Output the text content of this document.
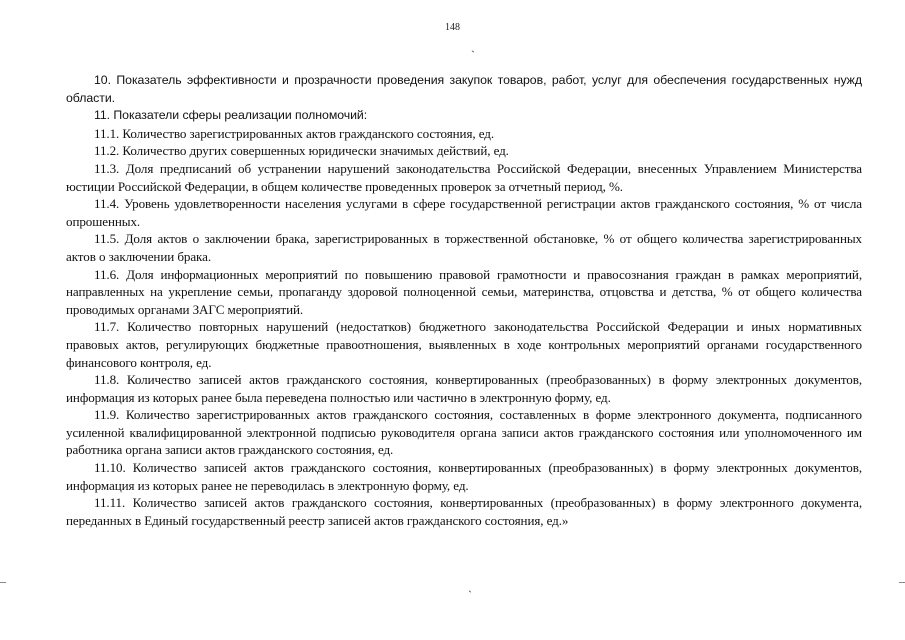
148
`

10. Показатель эффективности и прозрачности проведения закупок товаров, работ, услуг для обеспечения государственных нужд области.

11. Показатели сферы реализации полномочий:

11.1. Количество зарегистрированных актов гражданского состояния, ед.

11.2. Количество других совершенных юридически значимых действий, ед.

11.3. Доля предписаний об устранении нарушений законодательства Российской Федерации, внесенных Управлением Министерства юстиции Российской Федерации, в общем количестве проведенных проверок за отчетный период, %.

11.4. Уровень удовлетворенности населения услугами в сфере государственной регистрации актов гражданского состояния, % от числа опрошенных.

11.5. Доля актов о заключении брака, зарегистрированных в торжественной обстановке, % от общего количества зарегистрированных актов о заключении брака.

11.6. Доля информационных мероприятий по повышению правовой грамотности и правосознания граждан в рамках мероприятий, направленных на укрепление семьи, пропаганду здоровой полноценной семьи, материнства, отцовства и детства, % от общего количества проводимых органами ЗАГС мероприятий.

11.7. Количество повторных нарушений (недостатков) бюджетного законодательства Российской Федерации и иных нормативных правовых актов, регулирующих бюджетные правоотношения, выявленных в ходе контрольных мероприятий органами государственного финансового контроля, ед.

11.8. Количество записей актов гражданского состояния, конвертированных (преобразованных) в форму электронных документов, информация из которых ранее была переведена полностью или частично в электронную форму, ед.

11.9. Количество зарегистрированных актов гражданского состояния, составленных в форме электронного документа, подписанного усиленной квалифицированной электронной подписью руководителя органа записи актов гражданского состояния или уполномоченного им работника органа записи актов гражданского состояния, ед.

11.10. Количество записей актов гражданского состояния, конвертированных (преобразованных) в форму электронных документов, информация из которых ранее не переводилась в электронную форму, ед.

11.11. Количество записей актов гражданского состояния, конвертированных (преобразованных) в форму электронного документа, переданных в Единый государственный реестр записей актов гражданского состояния, ед.»

`
